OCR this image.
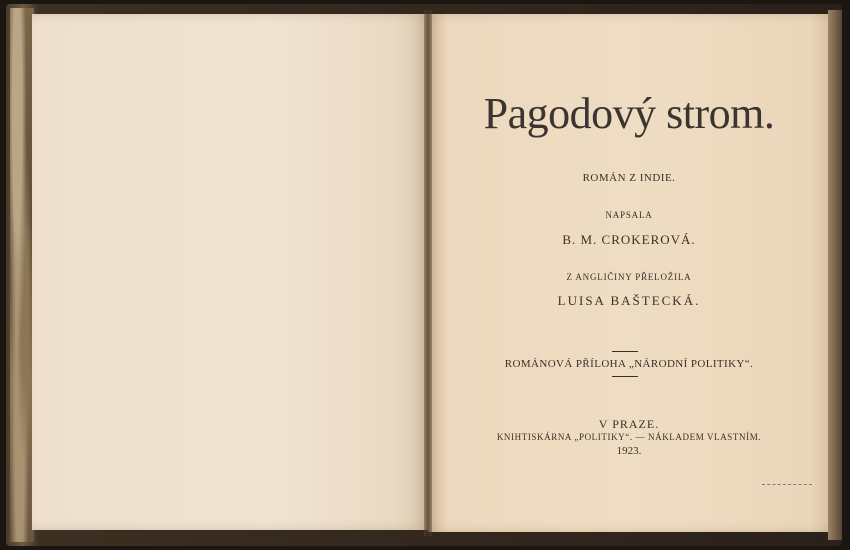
Pagodový strom.
ROMÁN Z INDIE.
NAPSALA
B. M. CROKEROVÁ.
Z ANGLIČINY PŘELOŽILA
LUISA BAŠTECKÁ.
ROMÁNOVÁ PŘÍLOHA „NÁRODNÍ POLITIKY“.
V PRAZE.
KNIHTISKÁRNA „POLITIKY“. — NÁKLADEM VLASTNÍM.
1923.
